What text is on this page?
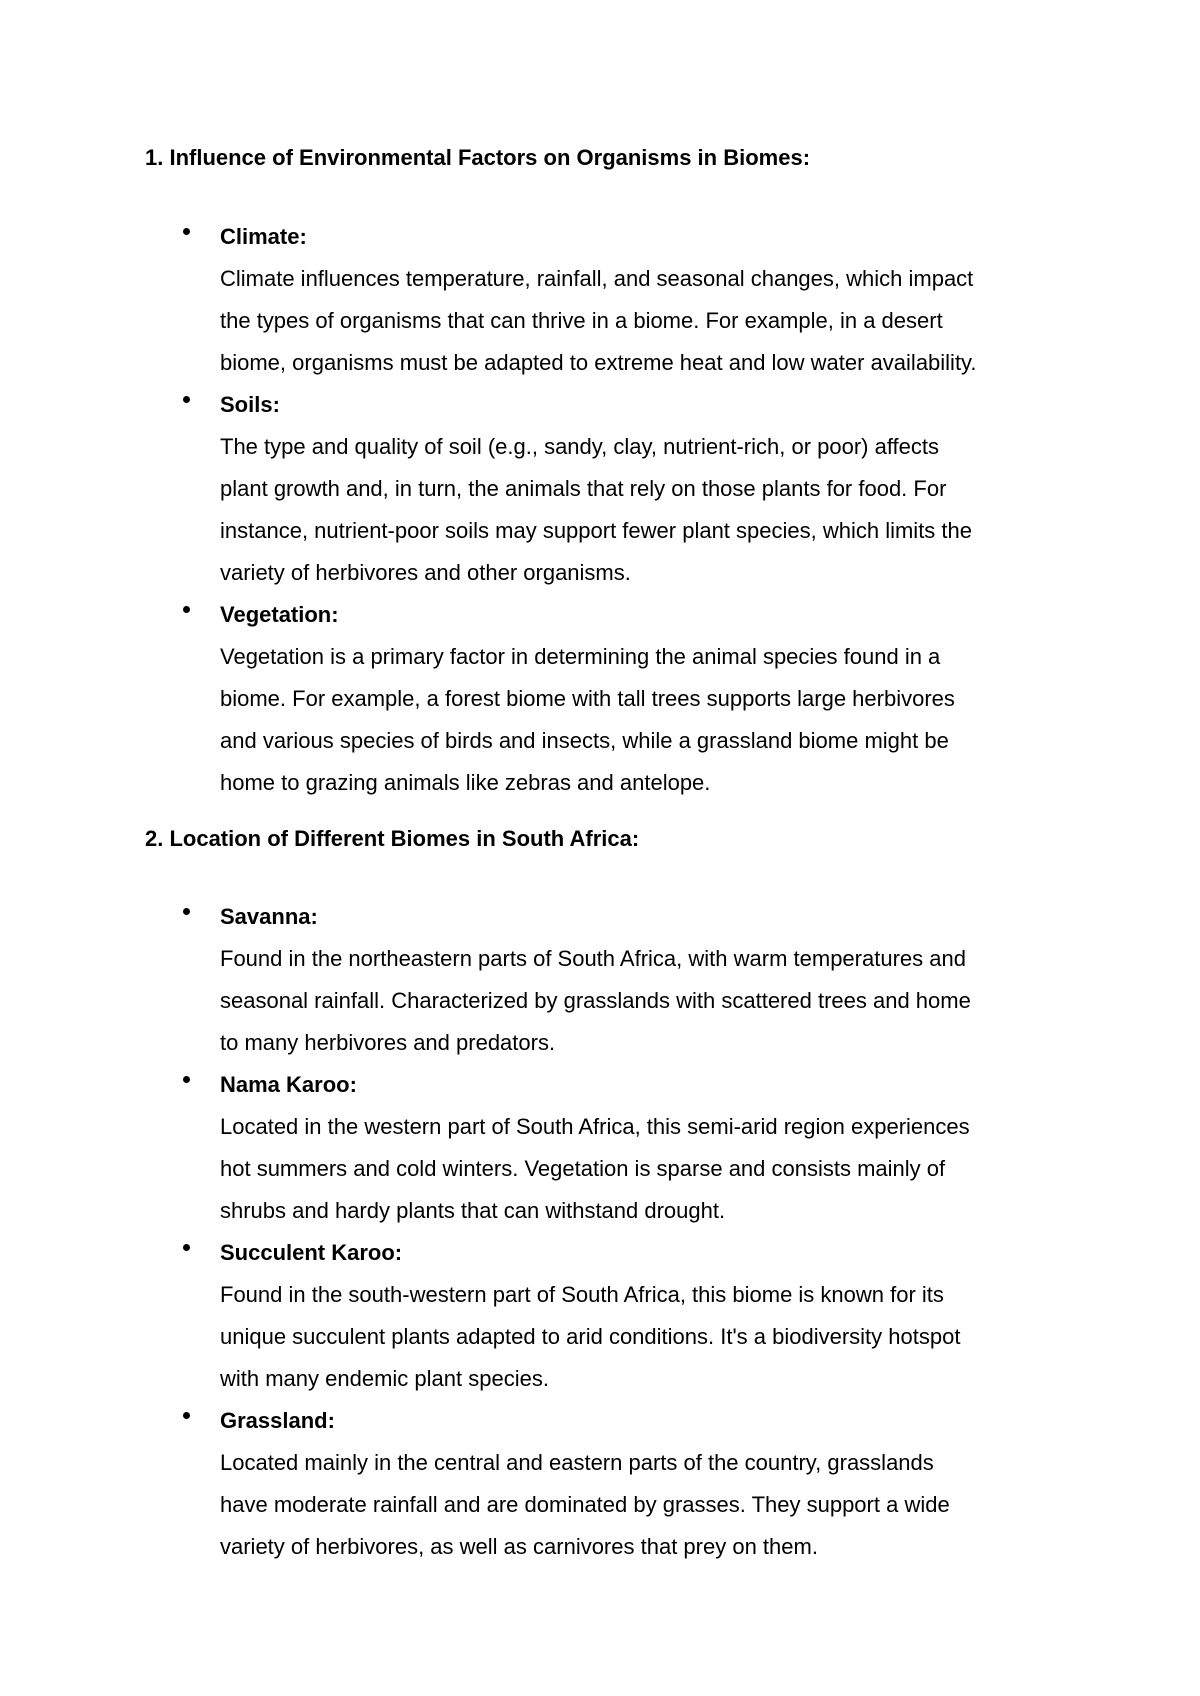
1. Influence of Environmental Factors on Organisms in Biomes:
Climate:
Climate influences temperature, rainfall, and seasonal changes, which impact
the types of organisms that can thrive in a biome. For example, in a desert
biome, organisms must be adapted to extreme heat and low water availability.
Soils:
The type and quality of soil (e.g., sandy, clay, nutrient-rich, or poor) affects
plant growth and, in turn, the animals that rely on those plants for food. For
instance, nutrient-poor soils may support fewer plant species, which limits the
variety of herbivores and other organisms.
Vegetation:
Vegetation is a primary factor in determining the animal species found in a
biome. For example, a forest biome with tall trees supports large herbivores
and various species of birds and insects, while a grassland biome might be
home to grazing animals like zebras and antelope.
2. Location of Different Biomes in South Africa:
Savanna:
Found in the northeastern parts of South Africa, with warm temperatures and
seasonal rainfall. Characterized by grasslands with scattered trees and home
to many herbivores and predators.
Nama Karoo:
Located in the western part of South Africa, this semi-arid region experiences
hot summers and cold winters. Vegetation is sparse and consists mainly of
shrubs and hardy plants that can withstand drought.
Succulent Karoo:
Found in the south-western part of South Africa, this biome is known for its
unique succulent plants adapted to arid conditions. It's a biodiversity hotspot
with many endemic plant species.
Grassland:
Located mainly in the central and eastern parts of the country, grasslands
have moderate rainfall and are dominated by grasses. They support a wide
variety of herbivores, as well as carnivores that prey on them.
